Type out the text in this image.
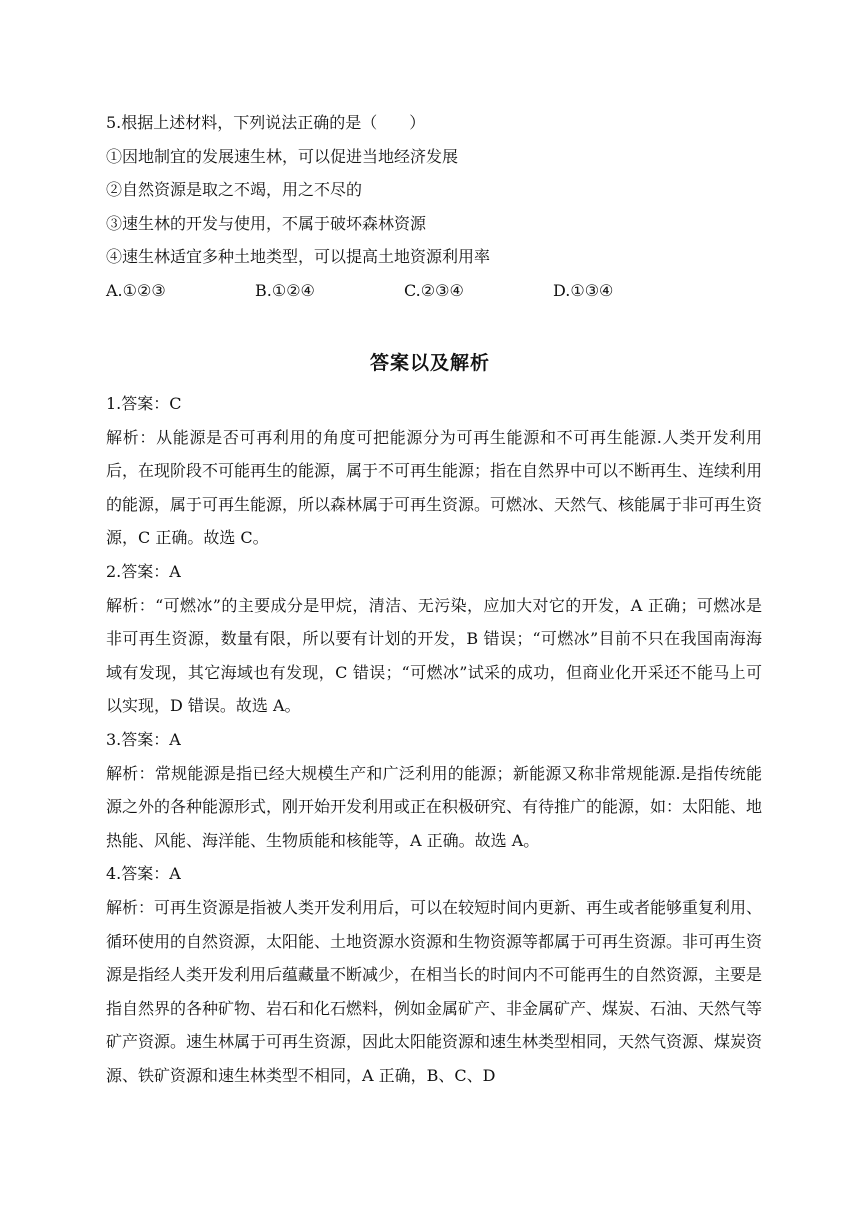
5.根据上述材料，下列说法正确的是（　　）
①因地制宜的发展速生林，可以促进当地经济发展
②自然资源是取之不竭，用之不尽的
③速生林的开发与使用，不属于破坏森林资源
④速生林适宜多种土地类型，可以提高土地资源利用率
A.①②③	B.①②④	C.②③④	D.①③④
答案以及解析
1.答案：C

解析：从能源是否可再利用的角度可把能源分为可再生能源和不可再生能源.人类开发利用后，在现阶段不可能再生的能源，属于不可再生能源；指在自然界中可以不断再生、连续利用的能源，属于可再生能源，所以森林属于可再生资源。可燃冰、天然气、核能属于非可再生资源，C 正确。故选 C。

2.答案：A

解析：“可燃冰”的主要成分是甲烷，清洁、无污染，应加大对它的开发，A 正确；可燃冰是非可再生资源，数量有限，所以要有计划的开发，B 错误；“可燃冰”目前不只在我国南海海域有发现，其它海域也有发现，C 错误；“可燃冰”试采的成功，但商业化开采还不能马上可以实现，D 错误。故选 A。

3.答案：A

解析：常规能源是指已经大规模生产和广泛利用的能源；新能源又称非常规能源.是指传统能源之外的各种能源形式，刚开始开发利用或正在积极研究、有待推广的能源，如：太阳能、地热能、风能、海洋能、生物质能和核能等，A 正确。故选 A。

4.答案：A

解析：可再生资源是指被人类开发利用后，可以在较短时间内更新、再生或者能够重复利用、循环使用的自然资源，太阳能、土地资源水资源和生物资源等都属于可再生资源。非可再生资源是指经人类开发利用后蕴藏量不断减少，在相当长的时间内不可能再生的自然资源，主要是指自然界的各种矿物、岩石和化石燃料，例如金属矿产、非金属矿产、煤炭、石油、天然气等矿产资源。速生林属于可再生资源，因此太阳能资源和速生林类型相同，天然气资源、煤炭资源、铁矿资源和速生林类型不相同，A 正确，B、C、D
